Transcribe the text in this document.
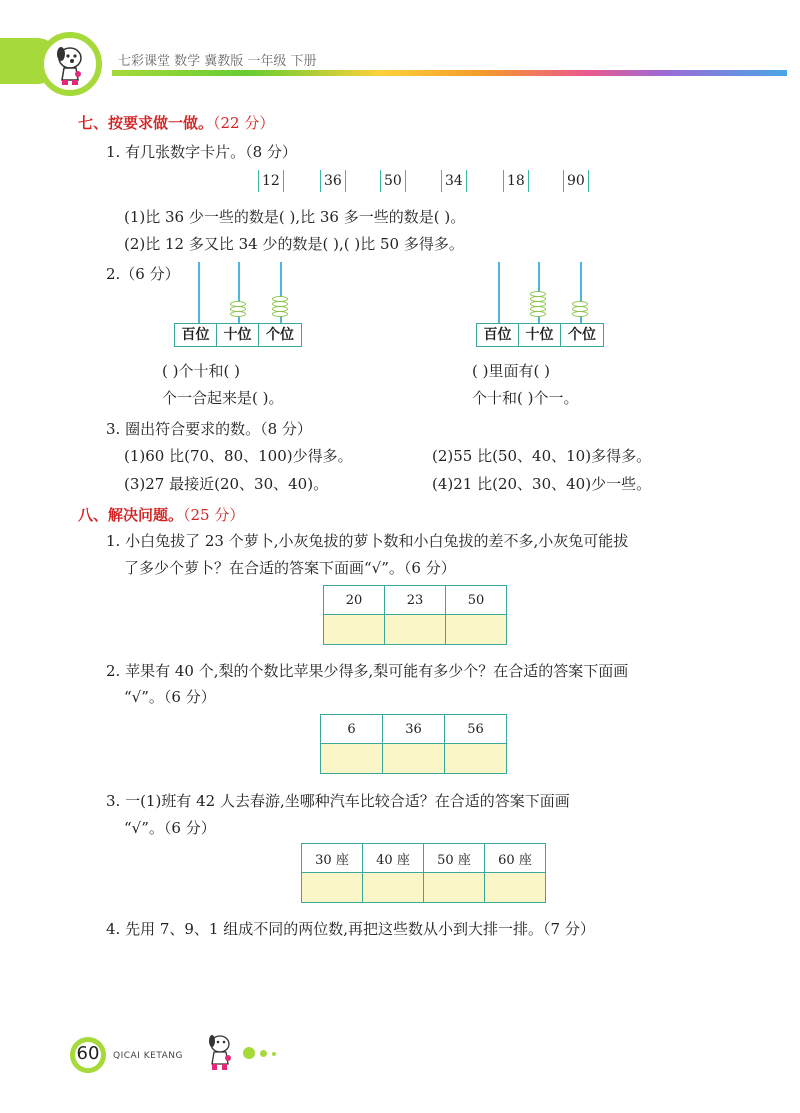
七彩课堂 数学 冀教版 一年级 下册
七、按要求做一做。（22 分）
1. 有几张数字卡片。（8 分）
12	36	50	34	18	90
(1)比 36 少一些的数是( ),比 36 多一些的数是( )。
(2)比 12 多又比 34 少的数是( ),( )比 50 多得多。
2.（6 分）
百位	十位	个位	百位	十位	个位
( )个十和( )
个一合起来是( )。
( )里面有( )
个十和( )个一。
3. 圈出符合要求的数。（8 分）
(1)60 比(70、80、100)少得多。	(2)55 比(50、40、10)多得多。
(3)27 最接近(20、30、40)。	(4)21 比(20、30、40)少一些。
八、解决问题。（25 分）
1. 小白兔拔了 23 个萝卜,小灰兔拔的萝卜数和小白兔拔的差不多,小灰兔可能拔
了多少个萝卜？在合适的答案下面画“√”。（6 分）
20	23	50

2. 苹果有 40 个,梨的个数比苹果少得多,梨可能有多少个？在合适的答案下面画
“√”。（6 分）
6	36	56

3. 一(1)班有 42 人去春游,坐哪种汽车比较合适？在合适的答案下面画
“√”。（6 分）
30 座	40 座	50 座	60 座

4. 先用 7、9、1 组成不同的两位数,再把这些数从小到大排一排。（7 分）
60	QICAI KETANG
